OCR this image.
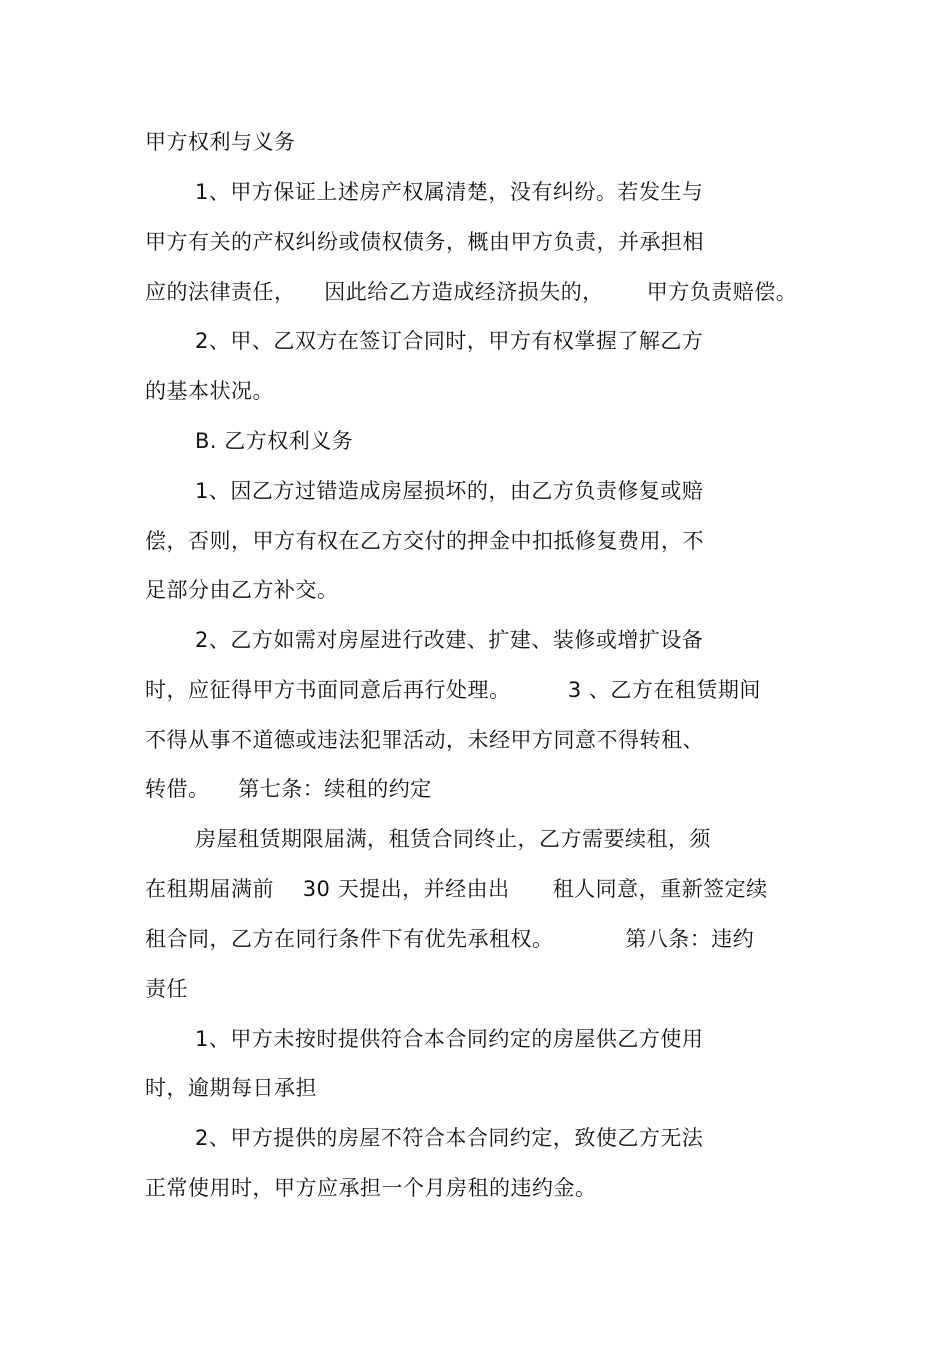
甲方权利与义务
1、甲方保证上述房产权属清楚，没有纠纷。若发生与
甲方有关的产权纠纷或债权债务，概由甲方负责，并承担相
应的法律责任，    因此给乙方造成经济损失的，      甲方负责赔偿。
2、甲、乙双方在签订合同时，甲方有权掌握了解乙方
的基本状况。
B. 乙方权利义务
1、因乙方过错造成房屋损坏的，由乙方负责修复或赔
偿，否则，甲方有权在乙方交付的押金中扣抵修复费用，不
足部分由乙方补交。
2、乙方如需对房屋进行改建、扩建、装修或增扩设备
时，应征得甲方书面同意后再行处理。        3 、乙方在租赁期间
不得从事不道德或违法犯罪活动，未经甲方同意不得转租、
转借。    第七条：续租的约定
房屋租赁期限届满，租赁合同终止，乙方需要续租，须
在租期届满前    30 天提出，并经由出      租人同意，重新签定续
租合同，乙方在同行条件下有优先承租权。          第八条：违约
责任
1、甲方未按时提供符合本合同约定的房屋供乙方使用
时，逾期每日承担
2、甲方提供的房屋不符合本合同约定，致使乙方无法
正常使用时，甲方应承担一个月房租的违约金。
